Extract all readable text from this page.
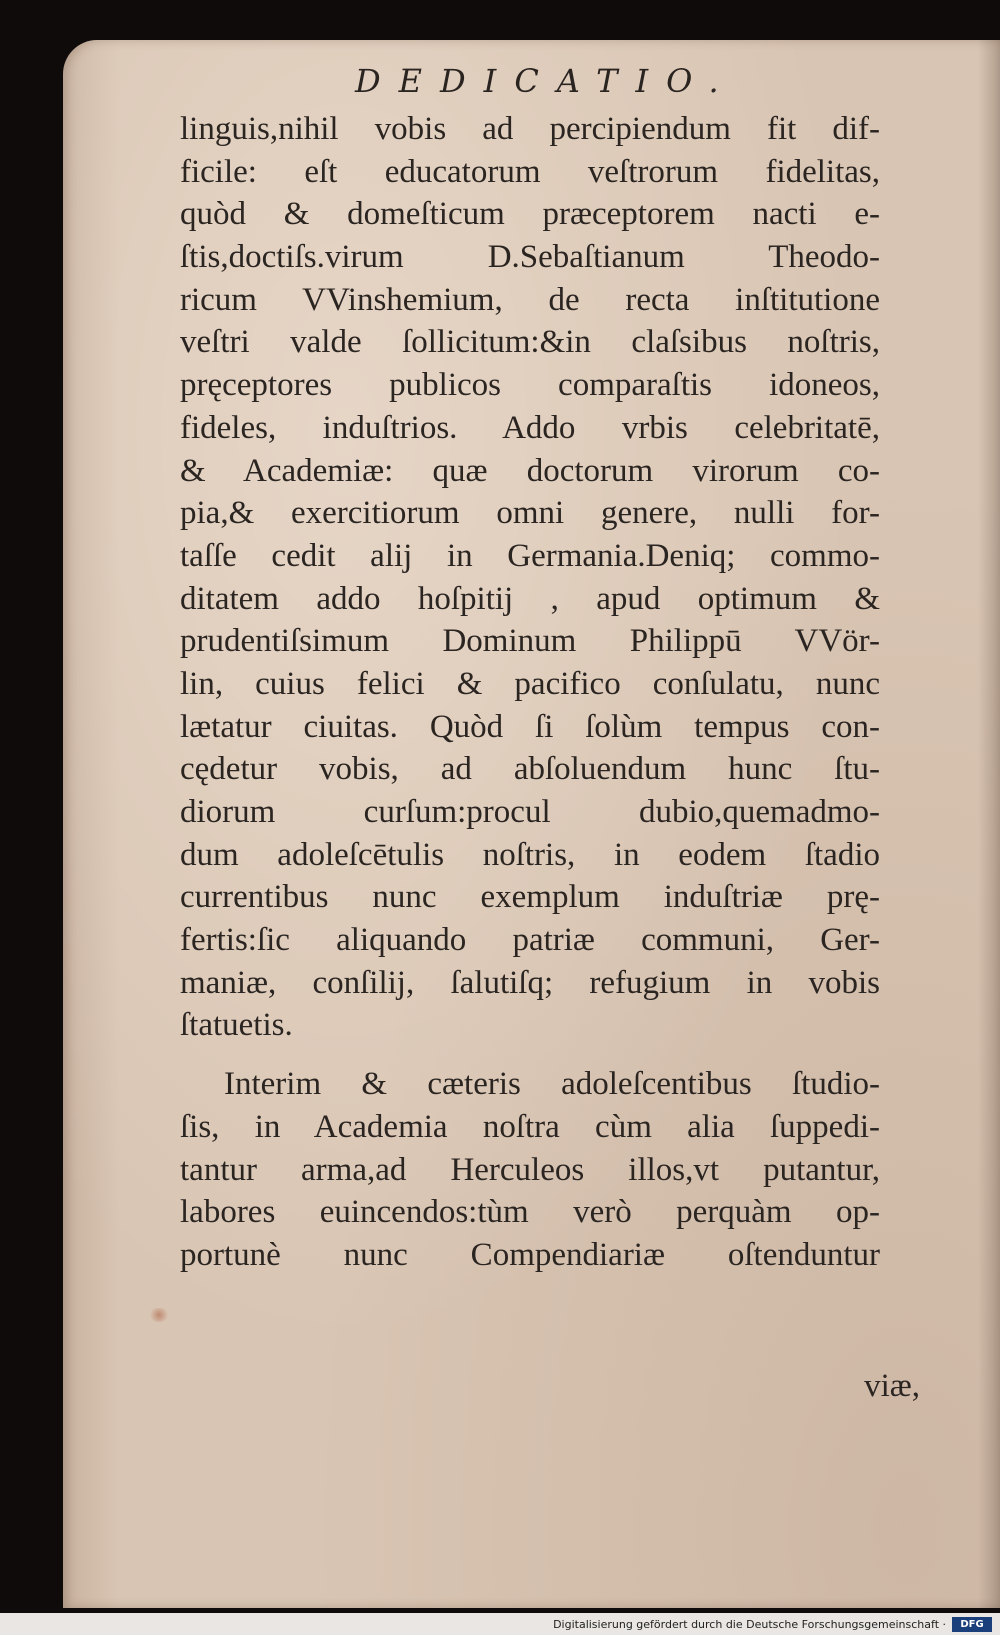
DEDICATIO.
linguis,nihil vobis ad percipiendum fit dif-
ficile: eſt educatorum veſtrorum fidelitas,
quòd & domeſticum præceptorem nacti e-
ſtis,doctiſs.virum D.Sebaſtianum Theodo-
ricum VVinshemium, de recta inſtitutione
veſtri valde ſollicitum:&in claſsibus noſtris,
pręceptores publicos comparaſtis idoneos,
fideles, induſtrios. Addo vrbis celebritatē,
& Academiæ: quæ doctorum virorum co-
pia,& exercitiorum omni genere, nulli for-
taſſe cedit alij in Germania.Deniq; commo-
ditatem addo hoſpitij , apud optimum &
prudentiſsimum Dominum Philippū VVör-
lin, cuius felici & pacifico conſulatu, nunc
lætatur ciuitas. Quòd ſi ſolùm tempus con-
cędetur vobis, ad abſoluendum hunc ſtu-
diorum curſum:procul dubio,quemadmo-
dum adoleſcētulis noſtris, in eodem ſtadio
currentibus nunc exemplum induſtriæ prę-
fertis:ſic aliquando patriæ communi, Ger-
maniæ, conſilij, ſalutiſq; refugium in vobis
ſtatuetis.
Interim & cæteris adoleſcentibus ſtudio-
ſis, in Academia noſtra cùm alia ſuppedi-
tantur arma,ad Herculeos illos,vt putantur,
labores euincendos:tùm verò perquàm op-
portunè nunc Compendiariæ oſtenduntur
viæ,
Digitalisierung gefördert durch die Deutsche Forschungsgemeinschaft ·	DFG
